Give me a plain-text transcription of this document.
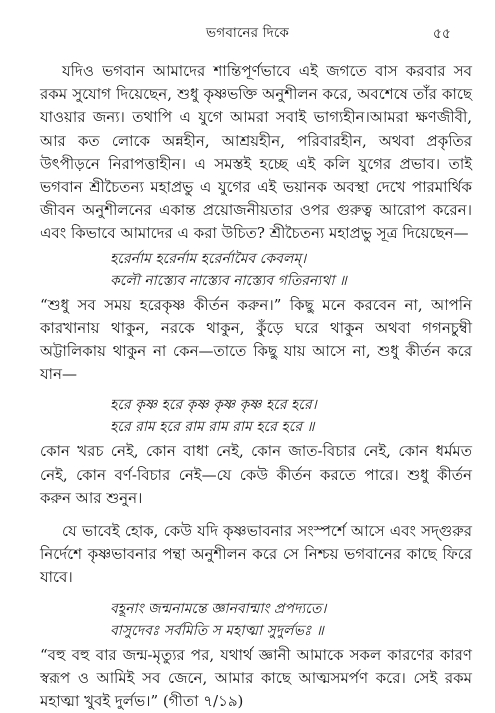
ভগবানের দিকে	৫৫

যদিও ভগবান আমাদের শান্তিপূর্ণভাবে এই জগতে বাস করবার সব রকম সুযোগ দিয়েছেন, শুধু কৃষ্ণভক্তি অনুশীলন করে, অবশেষে তাঁর কাছে যাওয়ার জন্য। তথাপি এ যুগে আমরা সবাই ভাগ্যহীন।আমরা ক্ষণজীবী, আর কত লোকে অন্নহীন, আশ্রয়হীন, পরিবারহীন, অথবা প্রকৃতির উৎপীড়নে নিরাপত্তাহীন। এ সমস্তই হচ্ছে এই কলি যুগের প্রভাব। তাই ভগবান শ্রীচৈতন্য মহাপ্রভু এ যুগের এই ভয়ানক অবস্থা দেখে পারমার্থিক জীবন অনুশীলনের একান্ত প্রয়োজনীয়তার ওপর গুরুত্ব আরোপ করেন। এবং কিভাবে আমাদের এ করা উচিত? শ্রীচৈতন্য মহাপ্রভু সূত্র দিয়েছেন—

হরের্নাম হরের্নাম হরের্নামৈব কেবলম্।
কলৌ নাস্ত্যেব নাস্ত্যেব নাস্ত্যেব গতিরন্যথা ॥

“শুধু সব সময় হরেকৃষ্ণ কীর্তন করুন।” কিছু মনে করবেন না, আপনি কারখানায় থাকুন, নরকে থাকুন, কুঁড়ে ঘরে থাকুন অথবা গগনচুম্বী অট্টালিকায় থাকুন না কেন—তাতে কিছু যায় আসে না, শুধু কীর্তন করে যান—

হরে কৃষ্ণ হরে কৃষ্ণ কৃষ্ণ কৃষ্ণ হরে হরে।
হরে রাম হরে রাম রাম রাম হরে হরে ॥

কোন খরচ নেই, কোন বাধা নেই, কোন জাত-বিচার নেই, কোন ধর্মমত নেই, কোন বর্ণ-বিচার নেই—যে কেউ কীর্তন করতে পারে। শুধু কীর্তন করুন আর শুনুন।

যে ভাবেই হোক, কেউ যদি কৃষ্ণভাবনার সংস্পর্শে আসে এবং সদ্গুরুর নির্দেশে কৃষ্ণভাবনার পন্থা অনুশীলন করে সে নিশ্চয় ভগবানের কাছে ফিরে যাবে।

বহূনাং জন্মনামন্তে জ্ঞানবান্মাং প্রপদ্যতে।
বাসুদেবঃ সর্বমিতি স মহাত্মা সুদুর্লভঃ ॥

“বহু বহু বার জন্ম-মৃত্যুর পর, যথার্থ জ্ঞানী আমাকে সকল কারণের কারণ স্বরূপ ও আমিই সব জেনে, আমার কাছে আত্মসমর্পণ করে। সেই রকম মহাত্মা খুবই দুর্লভ।” (গীতা ৭/১৯)
